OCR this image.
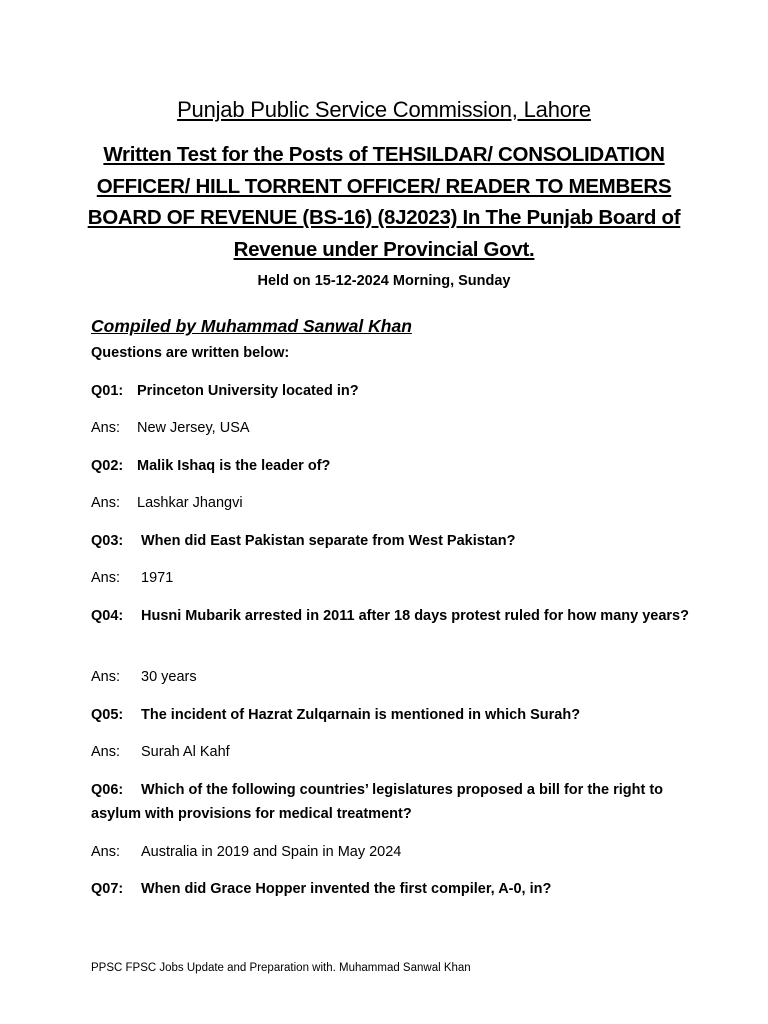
Punjab Public Service Commission, Lahore
Written Test for the Posts of TEHSILDAR/ CONSOLIDATION OFFICER/ HILL TORRENT OFFICER/ READER TO MEMBERS BOARD OF REVENUE (BS-16) (8J2023) In The Punjab Board of Revenue under Provincial Govt.
Held on 15-12-2024 Morning, Sunday
Compiled by Muhammad Sanwal Khan
Questions are written below:
Q01: Princeton University located in?
Ans: New Jersey, USA
Q02: Malik Ishaq is the leader of?
Ans: Lashkar Jhangvi
Q03: When did East Pakistan separate from West Pakistan?
Ans: 1971
Q04: Husni Mubarik arrested in 2011 after 18 days protest ruled for how many years?
Ans: 30 years
Q05: The incident of Hazrat Zulqarnain is mentioned in which Surah?
Ans: Surah Al Kahf
Q06: Which of the following countries’ legislatures proposed a bill for the right to asylum with provisions for medical treatment?
Ans: Australia in 2019 and Spain in May 2024
Q07: When did Grace Hopper invented the first compiler, A-0, in?
PPSC FPSC Jobs Update and Preparation with. Muhammad Sanwal Khan
